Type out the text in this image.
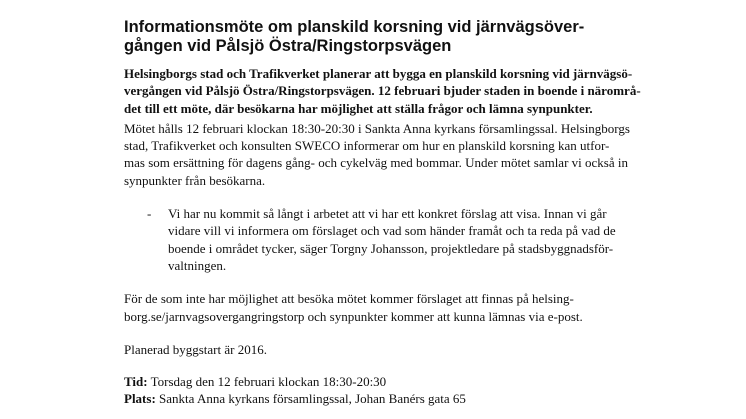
Informationsmöte om planskild korsning vid järnvägsöver-
gången vid Pålsjö Östra/Ringstorpsvägen

Helsingborgs stad och Trafikverket planerar att bygga en planskild korsning vid järnvägsö-
vergången vid Pålsjö Östra/Ringstorpsvägen. 12 februari bjuder staden in boende i närområ-
det till ett möte, där besökarna har möjlighet att ställa frågor och lämna synpunkter.

Mötet hålls 12 februari klockan 18:30-20:30 i Sankta Anna kyrkans församlingssal. Helsingborgs
stad, Trafikverket och konsulten SWECO informerar om hur en planskild korsning kan utfor-
mas som ersättning för dagens gång- och cykelväg med bommar. Under mötet samlar vi också in
synpunkter från besökarna.

- Vi har nu kommit så långt i arbetet att vi har ett konkret förslag att visa. Innan vi går
vidare vill vi informera om förslaget och vad som händer framåt och ta reda på vad de
boende i området tycker, säger Torgny Johansson, projektledare på stadsbyggnadsför-
valtningen.

För de som inte har möjlighet att besöka mötet kommer förslaget att finnas på helsing-
borg.se/jarnvagsovergangringstorp och synpunkter kommer att kunna lämnas via e-post.

Planerad byggstart är 2016.

Tid: Torsdag den 12 februari klockan 18:30-20:30
Plats: Sankta Anna kyrkans församlingssal, Johan Banérs gata 65
